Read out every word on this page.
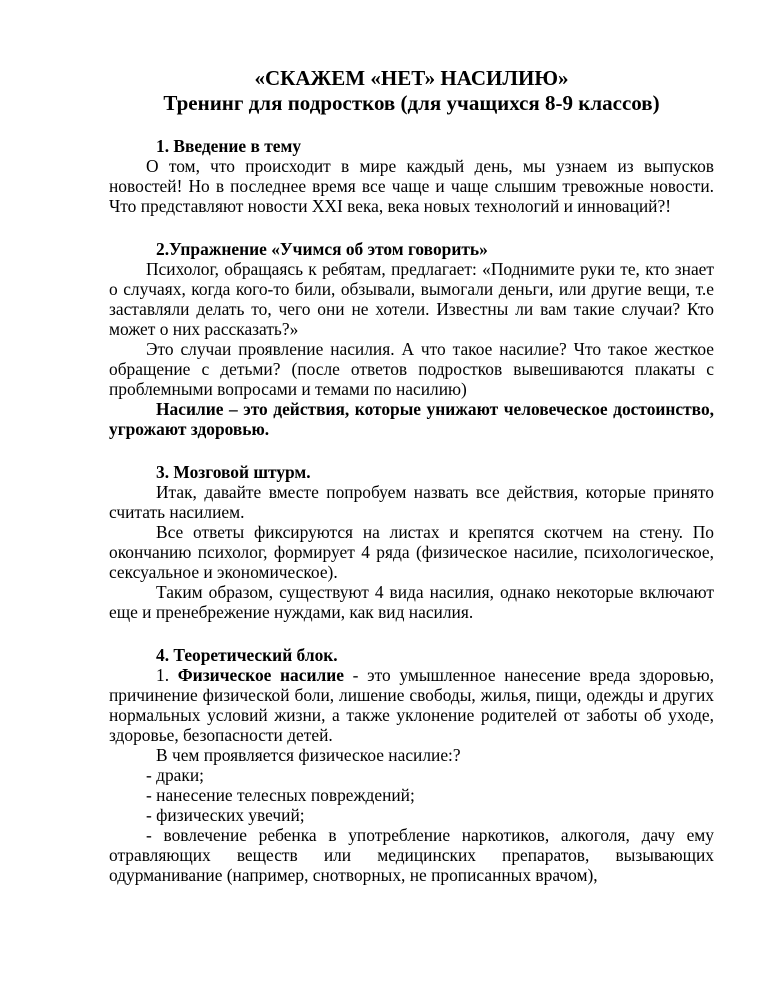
«СКАЖЕМ «НЕТ» НАСИЛИЮ»
Тренинг для подростков (для учащихся 8-9 классов)

1. Введение в тему

О том, что происходит в мире каждый день, мы узнаем из выпусков новостей! Но в последнее время все чаще и чаще слышим тревожные новости. Что представляют новости XXI века, века новых технологий и инноваций?!

2.Упражнение «Учимся об этом говорить»

Психолог, обращаясь к ребятам, предлагает: «Поднимите руки те, кто знает о случаях, когда кого-то били, обзывали, вымогали деньги, или другие вещи, т.е заставляли делать то, чего они не хотели. Известны ли вам такие случаи? Кто может о них рассказать?»

Это случаи проявление насилия. А что такое насилие? Что такое жесткое обращение с детьми? (после ответов подростков вывешиваются плакаты с проблемными вопросами и темами по насилию)

Насилие – это действия, которые унижают человеческое достоинство, угрожают здоровью.

3. Мозговой штурм.

Итак, давайте вместе попробуем назвать все действия, которые принято считать насилием.

Все ответы фиксируются на листах и крепятся скотчем на стену. По окончанию психолог, формирует 4 ряда (физическое насилие, психологическое, сексуальное и экономическое).

Таким образом, существуют 4 вида насилия, однако некоторые включают еще и пренебрежение нуждами, как вид насилия.

4. Теоретический блок.

1. Физическое насилие - это умышленное нанесение вреда здоровью, причинение физической боли, лишение свободы, жилья, пищи, одежды и других нормальных условий жизни, а также уклонение родителей от заботы об уходе, здоровье, безопасности детей.

В чем проявляется физическое насилие:?

- драки;

- нанесение телесных повреждений;

- физических увечий;

- вовлечение ребенка в употребление наркотиков, алкоголя, дачу ему отравляющих веществ или медицинских препаратов, вызывающих одурманивание (например, снотворных, не прописанных врачом),
